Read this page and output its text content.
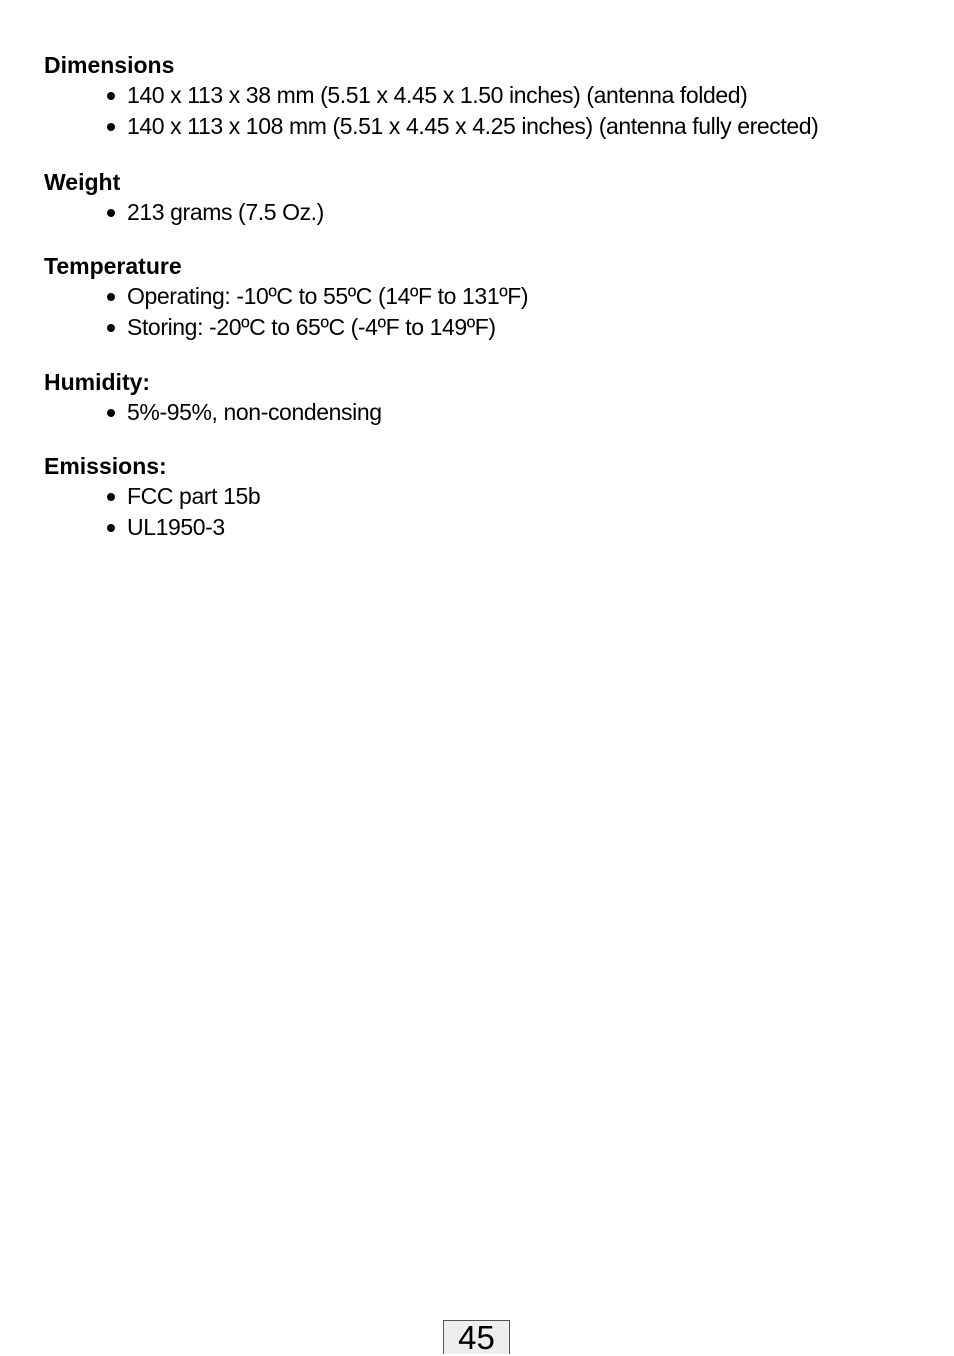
Dimensions
140 x 113 x 38 mm (5.51 x 4.45 x 1.50 inches) (antenna folded)
140 x 113 x 108 mm (5.51 x 4.45 x 4.25 inches) (antenna fully erected)
Weight
213 grams (7.5 Oz.)
Temperature
Operating: -10ºC to 55ºC (14ºF to 131ºF)
Storing: -20ºC to 65ºC (-4ºF to 149ºF)
Humidity:
5%-95%, non-condensing
Emissions:
FCC part 15b
UL1950-3
45
